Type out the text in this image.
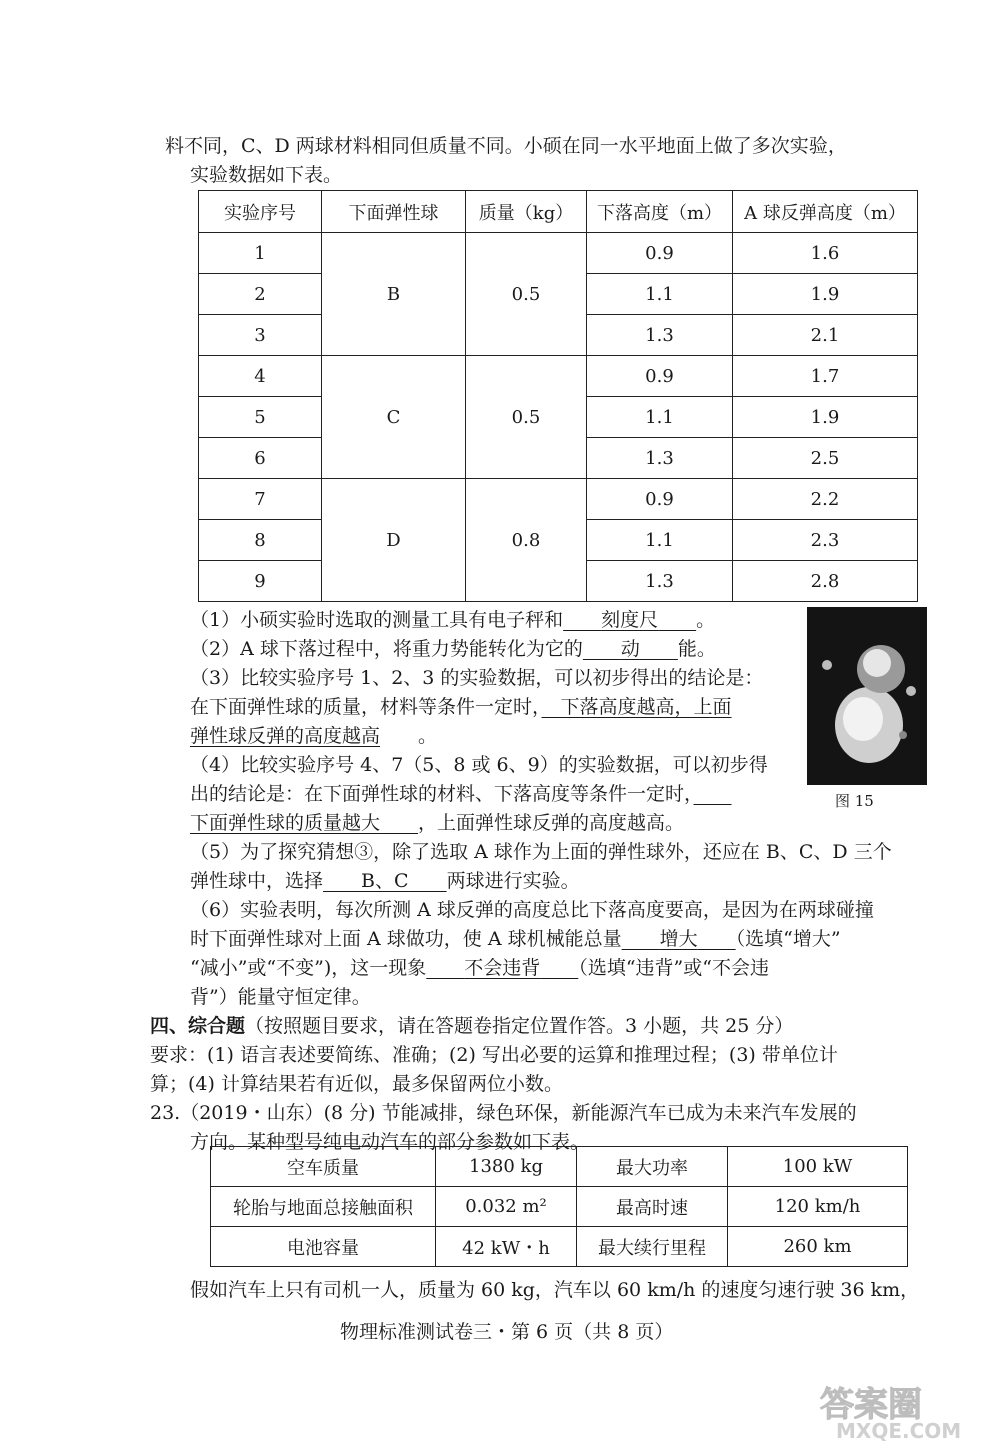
料不同，C、D 两球材料相同但质量不同。小硕在同一水平地面上做了多次实验，
实验数据如下表。
实验序号	下面弹性球	质量（kg）	下落高度（m）	A 球反弹高度（m）
1	B	0.5	0.9	1.6
2			1.1	1.9
3			1.3	2.1
4	C	0.5	0.9	1.7
5			1.1	1.9
6			1.3	2.5
7	D	0.8	0.9	2.2
8			1.1	2.3
9			1.3	2.8
（1）小硕实验时选取的测量工具有电子秤和　　 刻度尺　　 。
（2）A 球下落过程中，将重力势能转化为它的　　 动　　 能。
（3）比较实验序号 1、2、3 的实验数据，可以初步得出的结论是：
在下面弹性球的质量，材料等条件一定时，　 下落高度越高，上面
弹性球反弹的高度越高　　 。
（4）比较实验序号 4、7（5、8 或 6、9）的实验数据，可以初步得
出的结论是：在下面弹性球的材料、下落高度等条件一定时，　　
下面弹性球的质量越大　　 ，上面弹性球反弹的高度越高。
图 15
（5）为了探究猜想③，除了选取 A 球作为上面的弹性球外，还应在 B、C、D 三个
弹性球中，选择　　 B、C　　 两球进行实验。
（6）实验表明，每次所测 A 球反弹的高度总比下落高度要高，是因为在两球碰撞
时下面弹性球对上面 A 球做功，使 A 球机械能总量　　 增大　　 （选填“增大”
“减小”或“不变”)，这一现象　　 不会违背　　 （选填“违背”或“不会违
背”）能量守恒定律。
四、综合题（按照题目要求，请在答题卷指定位置作答。3 小题，共 25 分）
要求：(1) 语言表述要简练、准确；(2) 写出必要的运算和推理过程；(3) 带单位计
算；(4) 计算结果若有近似，最多保留两位小数。
23.（2019・山东）(8 分) 节能减排，绿色环保，新能源汽车已成为未来汽车发展的
方向。某种型号纯电动汽车的部分参数如下表。
空车质量	1380 kg	最大功率	100 kW
轮胎与地面总接触面积	0.032 m²	最高时速	120 km/h
电池容量	42 kW・h	最大续行里程	260 km
假如汽车上只有司机一人，质量为 60 kg，汽车以 60 km/h 的速度匀速行驶 36 km，
物理标准测试卷三・第 6 页（共 8 页）
答案圈
MXQE.COM
